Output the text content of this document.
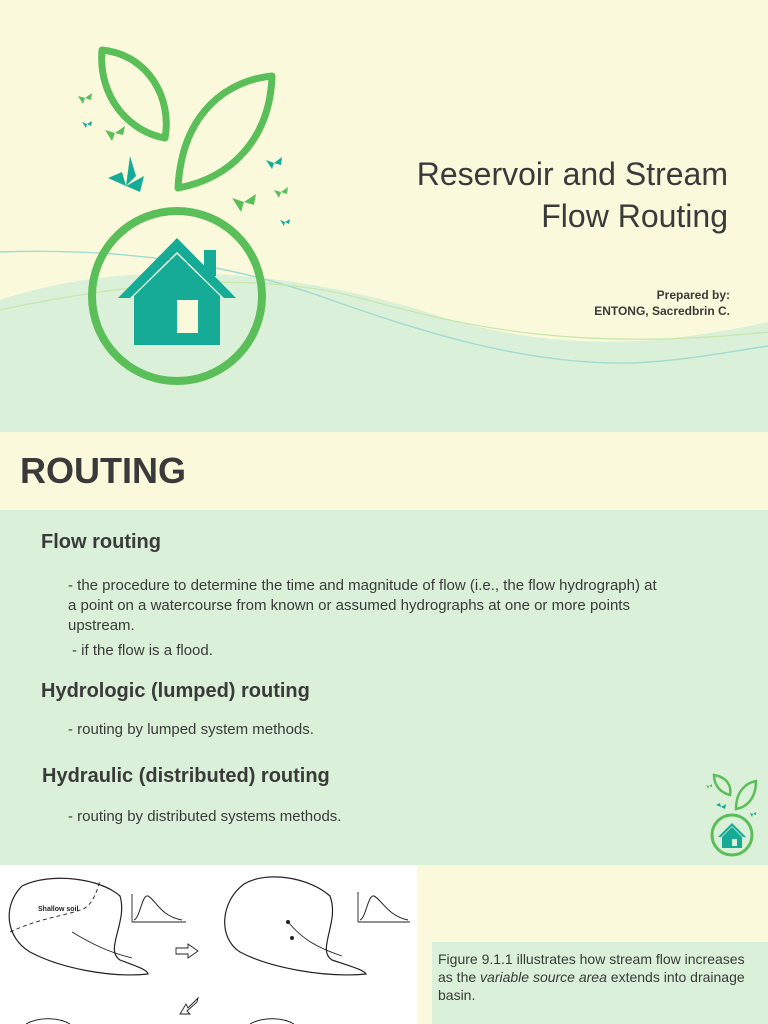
Reservoir and Stream
Flow Routing
Prepared by:
ENTONG, Sacredbrin C.
ROUTING
Flow routing
- the procedure to determine the time and magnitude of flow (i.e., the flow hydrograph) at
a point on a watercourse from known or assumed hydrographs at one or more points
upstream.
- if the flow is a flood.
Hydrologic (lumped) routing
- routing by lumped system methods.
Hydraulic (distributed) routing
- routing by distributed systems methods.
Shallow soil
Figure 9.1.1 illustrates how stream flow increases as the variable source area extends into drainage basin.
